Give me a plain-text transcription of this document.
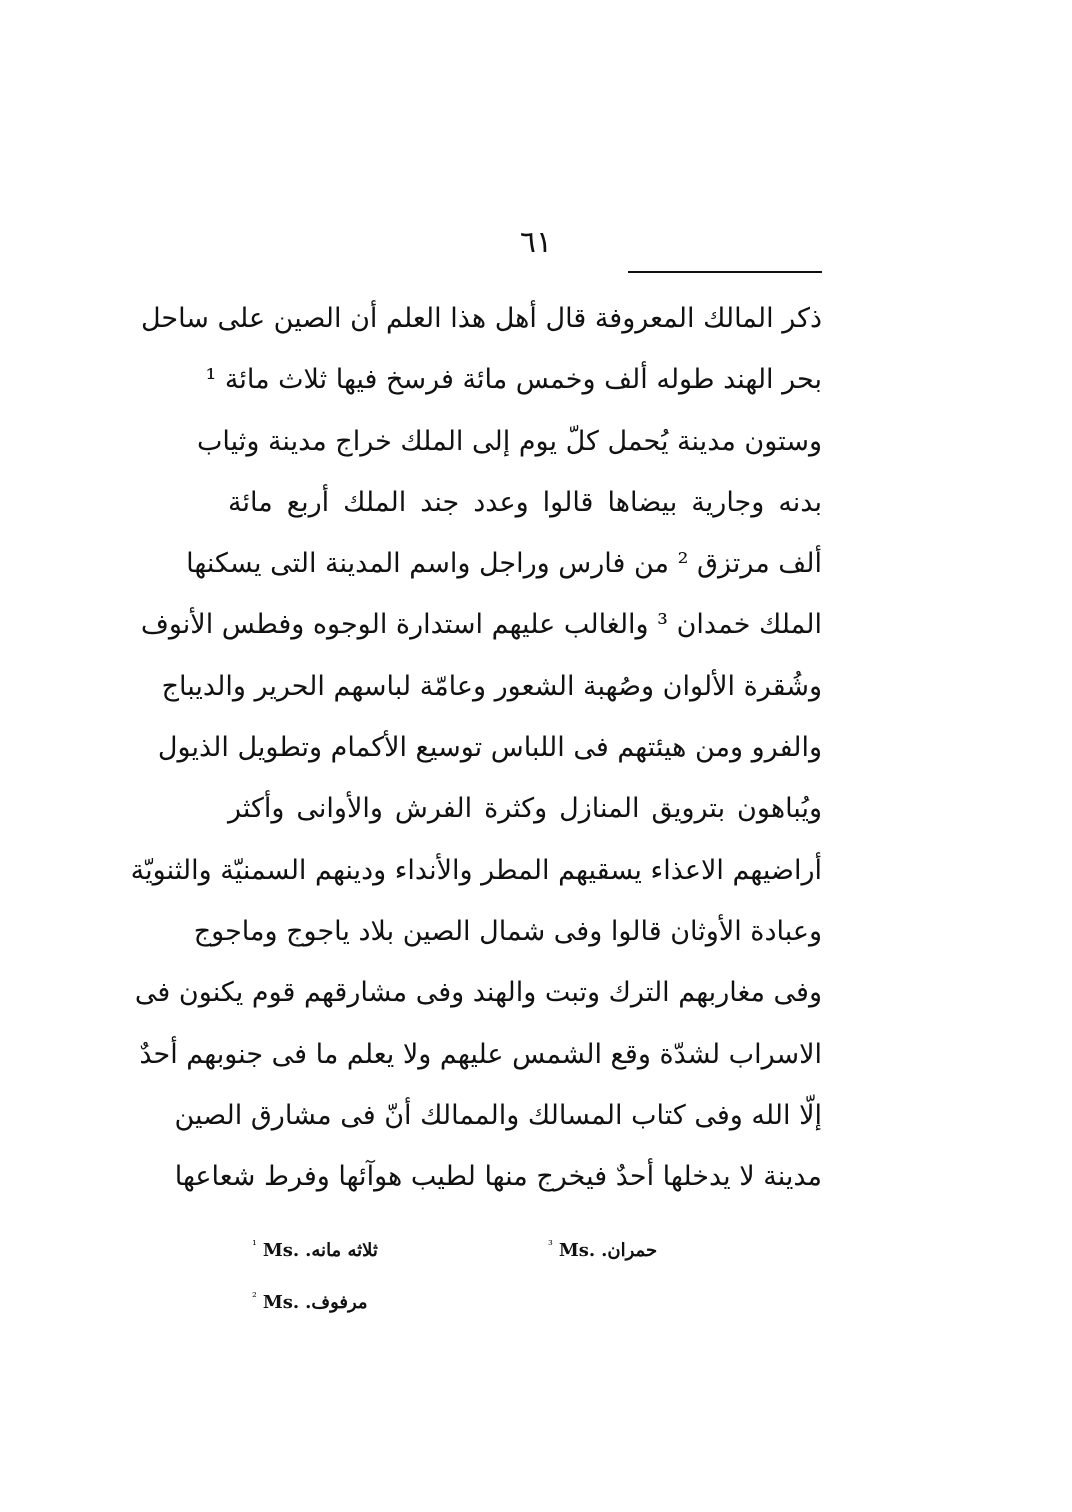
٦١
ذكر المالك المعروفة قال أهل هذا العلم أن الصين على ساحل
بحر الهند طوله ألف وخمس مائة فرسخ فيها ثلاث مائة ¹
وستون مدينة يُحمل كلّ يوم إلى الملك خراج مدينة وثياب
بدنه وجارية بيضاها قالوا وعدد جند الملك أربع مائة
ألف مرتزق ² من فارس وراجل واسم المدينة التى يسكنها
الملك خمدان ³ والغالب عليهم استدارة الوجوه وفطس الأنوف
وشُقرة الألوان وصُهبة الشعور وعامّة لباسهم الحرير والديباج
والفرو ومن هيئتهم فى اللباس توسيع الأكمام وتطويل الذيول
ويُباهون بترويق المنازل وكثرة الفرش والأوانى وأكثر
أراضيهم الاعذاء يسقيهم المطر والأنداء ودينهم السمنيّة والثنويّة
وعبادة الأوثان قالوا وفى شمال الصين بلاد ياجوج وماجوج
وفى مغاربهم الترك وتبت والهند وفى مشارقهم قوم يكنون فى
الاسراب لشدّة وقع الشمس عليهم ولا يعلم ما فى جنوبهم أحدٌ
إلّا الله وفى كتاب المسالك والممالك أنّ فى مشارق الصين
مدينة لا يدخلها أحدٌ فيخرج منها لطيب هوآئها وفرط شعاعها
$^{^1}$ Ms. ثلاثه مانه.	$^{^3}$ Ms. حمران.
$^{^2}$ Ms. مرفوف.
